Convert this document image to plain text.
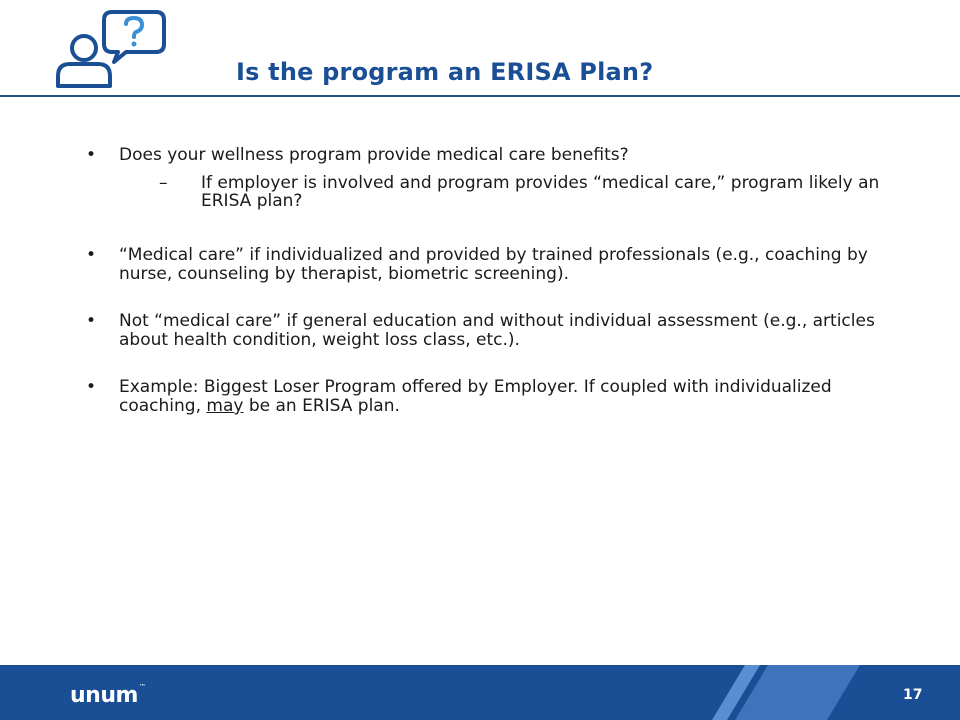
Is the program an ERISA Plan?
• Does your wellness program provide medical care benefits?
– If employer is involved and program provides “medical care,” program likely an ERISA plan?
• “Medical care” if individualized and provided by trained professionals (e.g., coaching by nurse, counseling by therapist, biometric screening).
• Not “medical care” if general education and without individual assessment (e.g., articles about health condition, weight loss class, etc.).
• Example: Biggest Loser Program offered by Employer. If coupled with individualized coaching, may be an ERISA plan.
unum™	17
